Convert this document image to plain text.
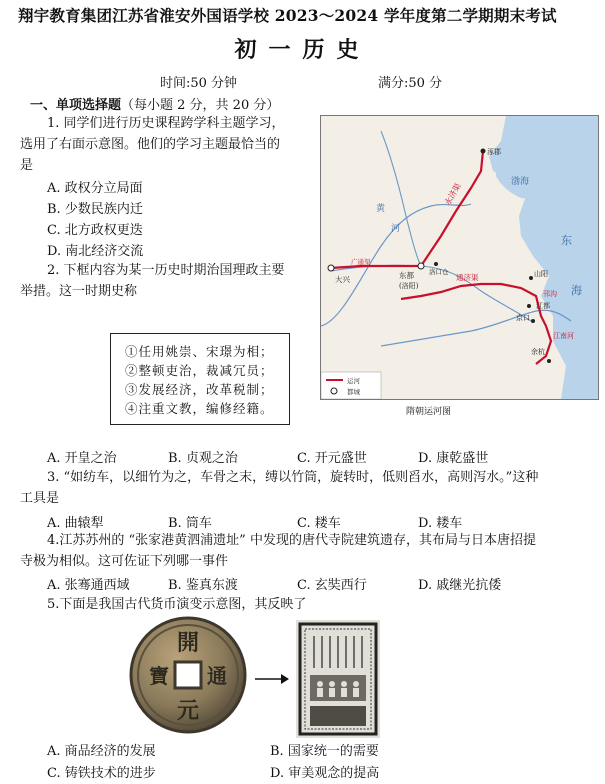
翔宇教育集团江苏省淮安外国语学校 2023～2024 学年度第二学期期末考试
初一历史
时间:50 分钟	满分:50 分
一、单项选择题（每小题 2 分，共 20 分）
1. 同学们进行历史课程跨学科主题学习，
选用了右面示意图。他们的学习主题最恰当的
是
A. 政权分立局面
B. 少数民族内迁
C. 北方政权更迭
D. 南北经济交流
2. 下框内容为某一历史时期治国理政主要
举措。这一时期史称
①任用姚崇、宋璟为相；
②整顿吏治，裁减冗员；
③发展经济，改革税制；
④注重文教，编修经籍。
A. 开皇之治	B. 贞观之治	C. 开元盛世	D. 康乾盛世
涿郡
渤海
黄
河
永济渠
大兴	东都
(洛阳)
洛口仓
广通渠
通济渠	山阳
邗沟
江都
京口
江南河
余杭
东
海
运河
都城
隋朝运河图
3. “如纺车，以细竹为之，车骨之末，缚以竹筒，旋转时，低则舀水，高则泻水。”这种
工具是
A. 曲辕犁	B. 筒车	C. 耧车	D. 耧车
4.江苏苏州的 “张家港黄泗浦遗址” 中发现的唐代寺院建筑遗存，其布局与日本唐招提
寺极为相似。这可佐证下列哪一事件
A. 张骞通西域	B. 鉴真东渡	C. 玄奘西行	D. 戚继光抗倭
5.下面是我国古代货币演变示意图，其反映了
開
通
元
寶
A. 商品经济的发展	B. 国家统一的需要
C. 铸铁技术的进步	D. 审美观念的提高
